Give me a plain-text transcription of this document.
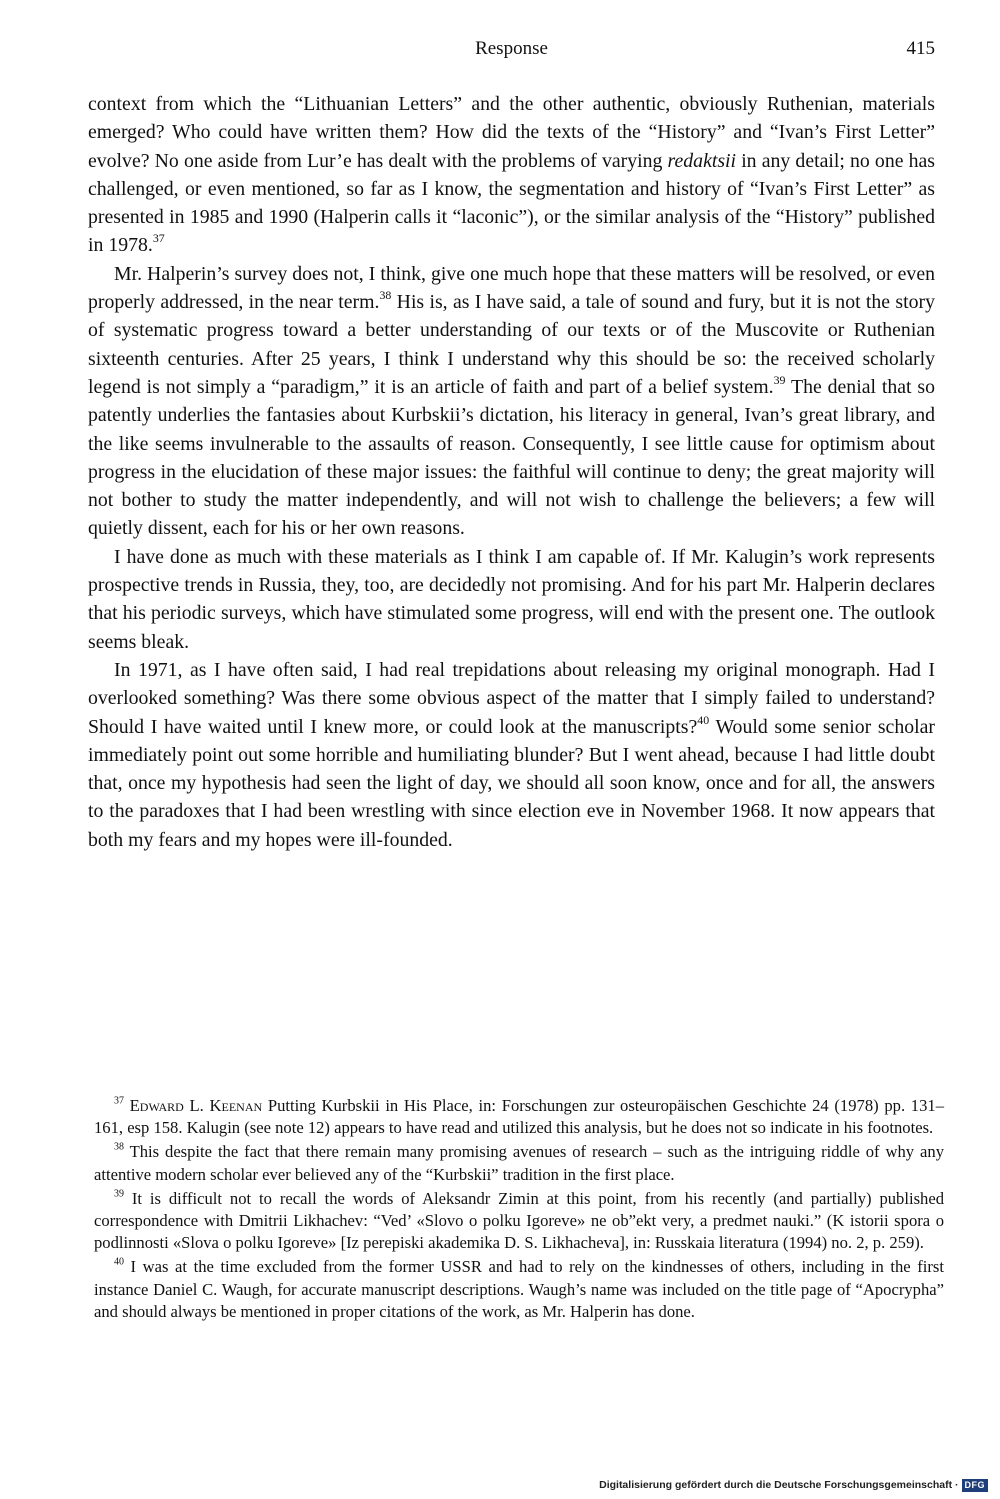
Response	415

context from which the “Lithuanian Letters” and the other authentic, obviously Ruthenian, materials emerged? Who could have written them? How did the texts of the “History” and “Ivan’s First Letter” evolve? No one aside from Lur’e has dealt with the problems of varying redaktsii in any detail; no one has challenged, or even mentioned, so far as I know, the segmentation and history of “Ivan’s First Letter” as presented in 1985 and 1990 (Halperin calls it “laconic”), or the similar analysis of the “History” published in 1978.37

Mr. Halperin’s survey does not, I think, give one much hope that these matters will be resolved, or even properly addressed, in the near term.$^{38}$ His is, as I have said, a tale of sound and fury, but it is not the story of systematic progress toward a better understanding of our texts or of the Muscovite or Ruthenian sixteenth centuries. After 25 years, I think I understand why this should be so: the received scholarly legend is not simply a “paradigm,” it is an article of faith and part of a belief system.$^{39}$ The denial that so patently underlies the fantasies about Kurbskii’s dictation, his literacy in general, Ivan’s great library, and the like seems invulnerable to the assaults of reason. Consequently, I see little cause for optimism about progress in the elucidation of these major issues: the faithful will continue to deny; the great majority will not bother to study the matter independently, and will not wish to challenge the believers; a few will quietly dissent, each for his or her own reasons.

I have done as much with these materials as I think I am capable of. If Mr. Kalugin’s work represents prospective trends in Russia, they, too, are decidedly not promising. And for his part Mr. Halperin declares that his periodic surveys, which have stimulated some progress, will end with the present one. The outlook seems bleak.

In 1971, as I have often said, I had real trepidations about releasing my original monograph. Had I overlooked something? Was there some obvious aspect of the matter that I simply failed to understand? Should I have waited until I knew more, or could look at the manuscripts?$^{40}$ Would some senior scholar immediately point out some horrible and humiliating blunder? But I went ahead, because I had little doubt that, once my hypothesis had seen the light of day, we should all soon know, once and for all, the answers to the paradoxes that I had been wrestling with since election eve in November 1968. It now appears that both my fears and my hopes were ill-founded.

$^{37}$ Edward L. Keenan Putting Kurbskii in His Place, in: Forschungen zur osteuropäischen Geschichte 24 (1978) pp. 131–161, esp 158. Kalugin (see note 12) appears to have read and utilized this analysis, but he does not so indicate in his footnotes.

$^{38}$ This despite the fact that there remain many promising avenues of research – such as the intriguing riddle of why any attentive modern scholar ever believed any of the “Kurbskii” tradition in the first place.

$^{39}$ It is difficult not to recall the words of Aleksandr Zimin at this point, from his recently (and partially) published correspondence with Dmitrii Likhachev: “Ved’ «Slovo o polku Igoreve» ne ob”ekt very, a predmet nauki.” (K istorii spora o podlinnosti «Slova o polku Igoreve» [Iz perepiski akademika D. S. Likhacheva], in: Russkaia literatura (1994) no. 2, p. 259).

$^{40}$ I was at the time excluded from the former USSR and had to rely on the kindnesses of others, including in the first instance Daniel C. Waugh, for accurate manuscript descriptions. Waugh’s name was included on the title page of “Apocrypha” and should always be mentioned in proper citations of the work, as Mr. Halperin has done.

Digitalisierung gefördert durch die Deutsche Forschungsgemeinschaft · DFG
